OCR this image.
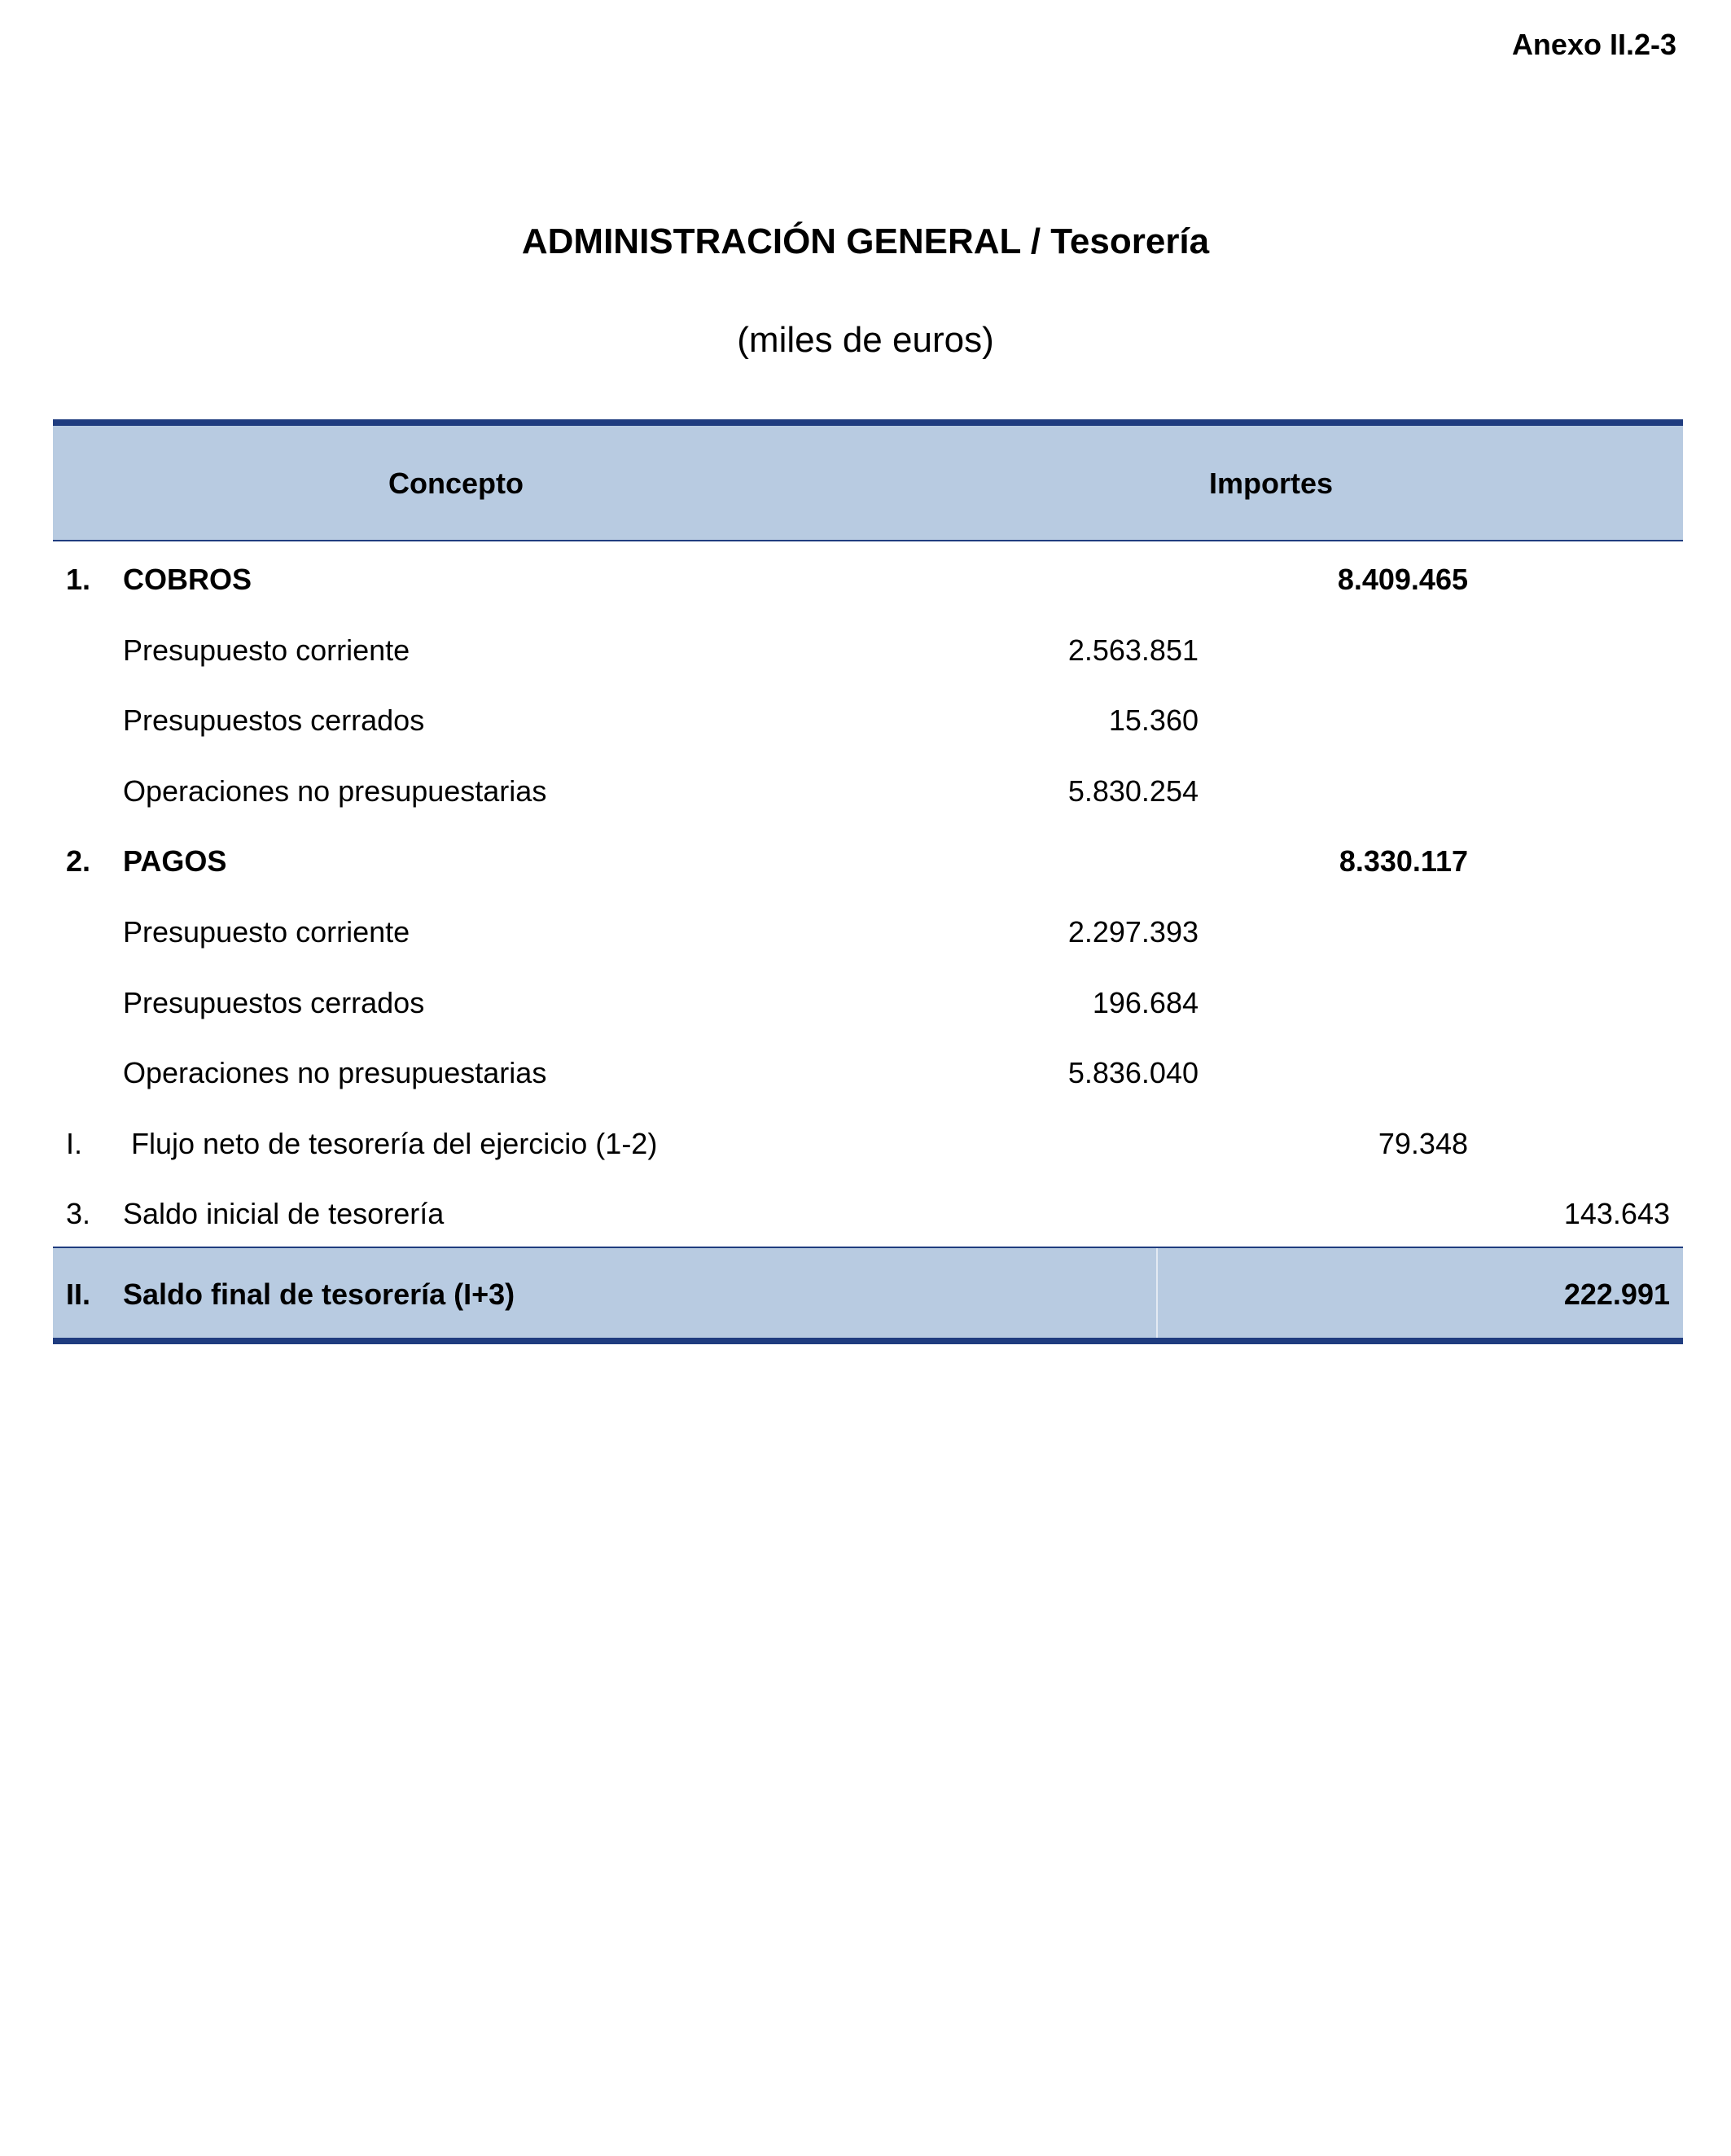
Anexo II.2-3
ADMINISTRACIÓN GENERAL / Tesorería
(miles de euros)
Concepto	Importes
1. COBROS	8.409.465
Presupuesto corriente	2.563.851
Presupuestos cerrados	15.360
Operaciones no presupuestarias	5.830.254
2. PAGOS	8.330.117
Presupuesto corriente	2.297.393
Presupuestos cerrados	196.684
Operaciones no presupuestarias	5.836.040
I. Flujo neto de tesorería del ejercicio (1-2)	79.348
3. Saldo inicial de tesorería	143.643
II. Saldo final de tesorería (I+3)	222.991
